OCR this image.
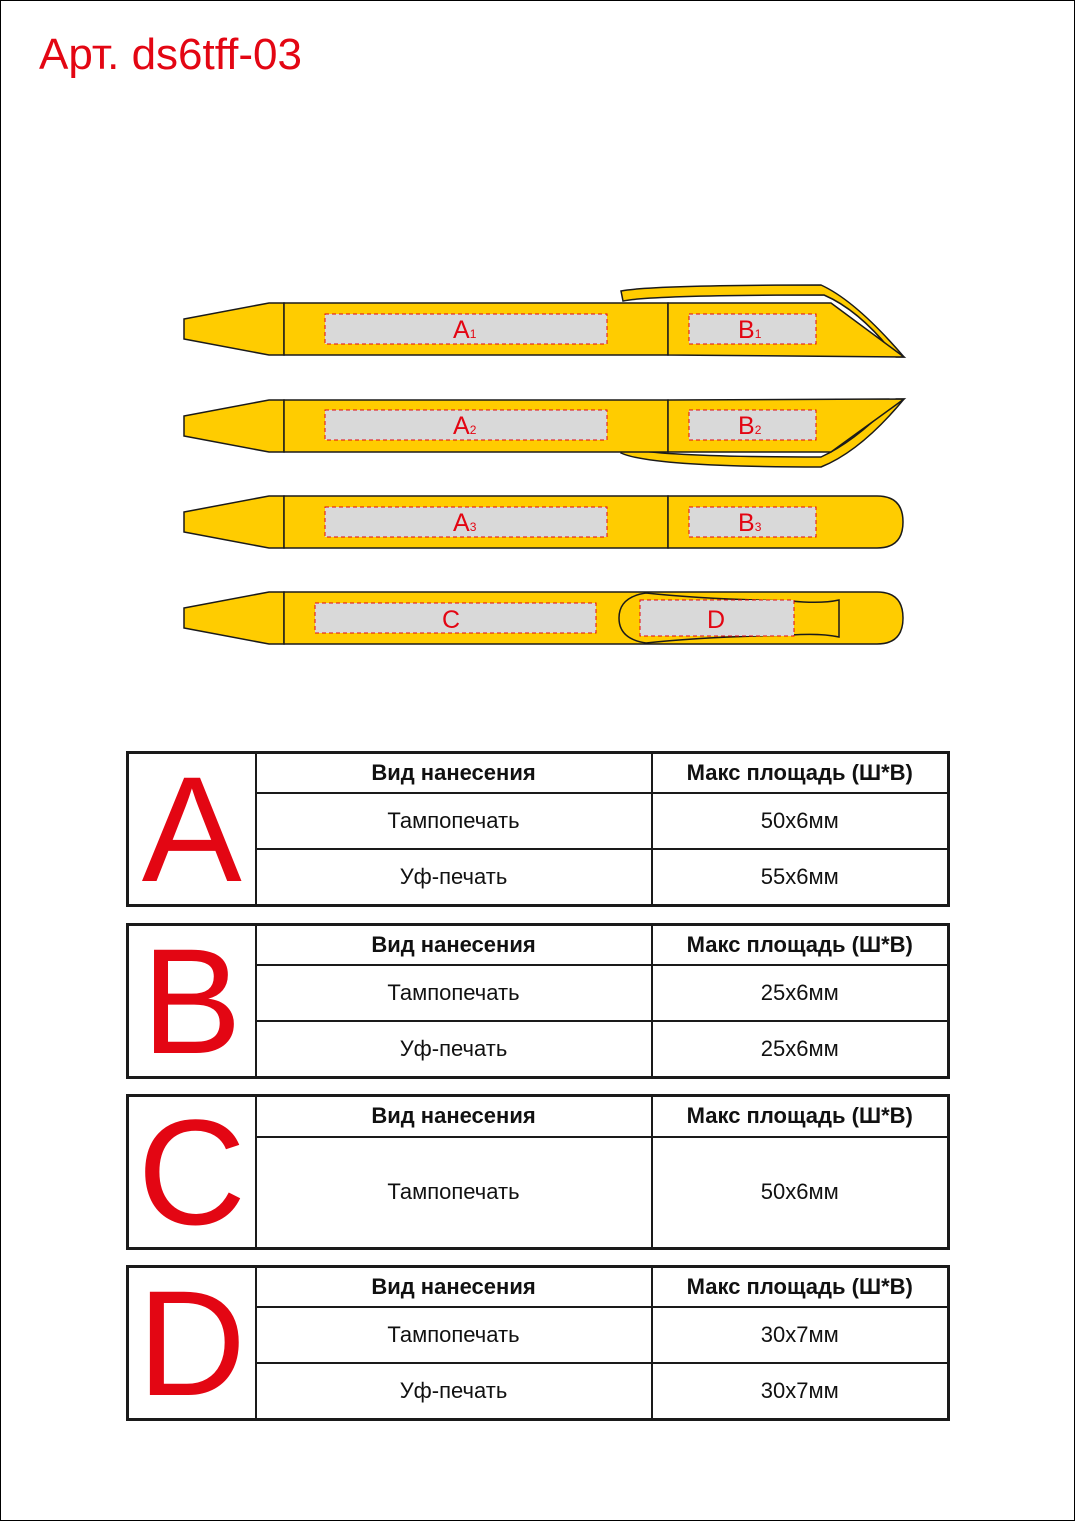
Арт. ds6tff-03
A1	B1
A2	B2
A3	B3
C	D
A	Вид нанесения	Макс площадь (Ш*В)
	Тампопечать	50х6мм
	Уф-печать	55х6мм
B	Вид нанесения	Макс площадь (Ш*В)
	Тампопечать	25х6мм
	Уф-печать	25х6мм
C	Вид нанесения	Макс площадь (Ш*В)
	Тампопечать	50х6мм
D	Вид нанесения	Макс площадь (Ш*В)
	Тампопечать	30х7мм
	Уф-печать	30х7мм
